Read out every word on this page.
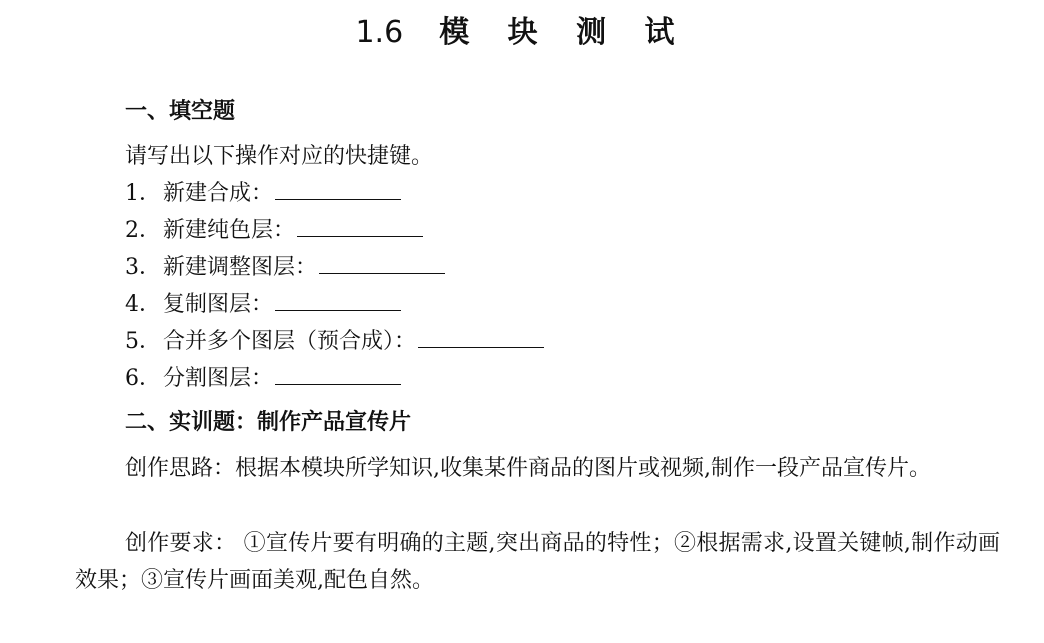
1.6 模 块 测 试
一、填空题
请写出以下操作对应的快捷键。
1．新建合成：
2．新建纯色层：
3．新建调整图层：
4．复制图层：
5．合并多个图层（预合成）：
6．分割图层：
二、实训题：制作产品宣传片
创作思路：根据本模块所学知识,收集某件商品的图片或视频,制作一段产品宣传片。
创作要求： ①宣传片要有明确的主题,突出商品的特性；②根据需求,设置关键帧,制作动画效果；③宣传片画面美观,配色自然。
